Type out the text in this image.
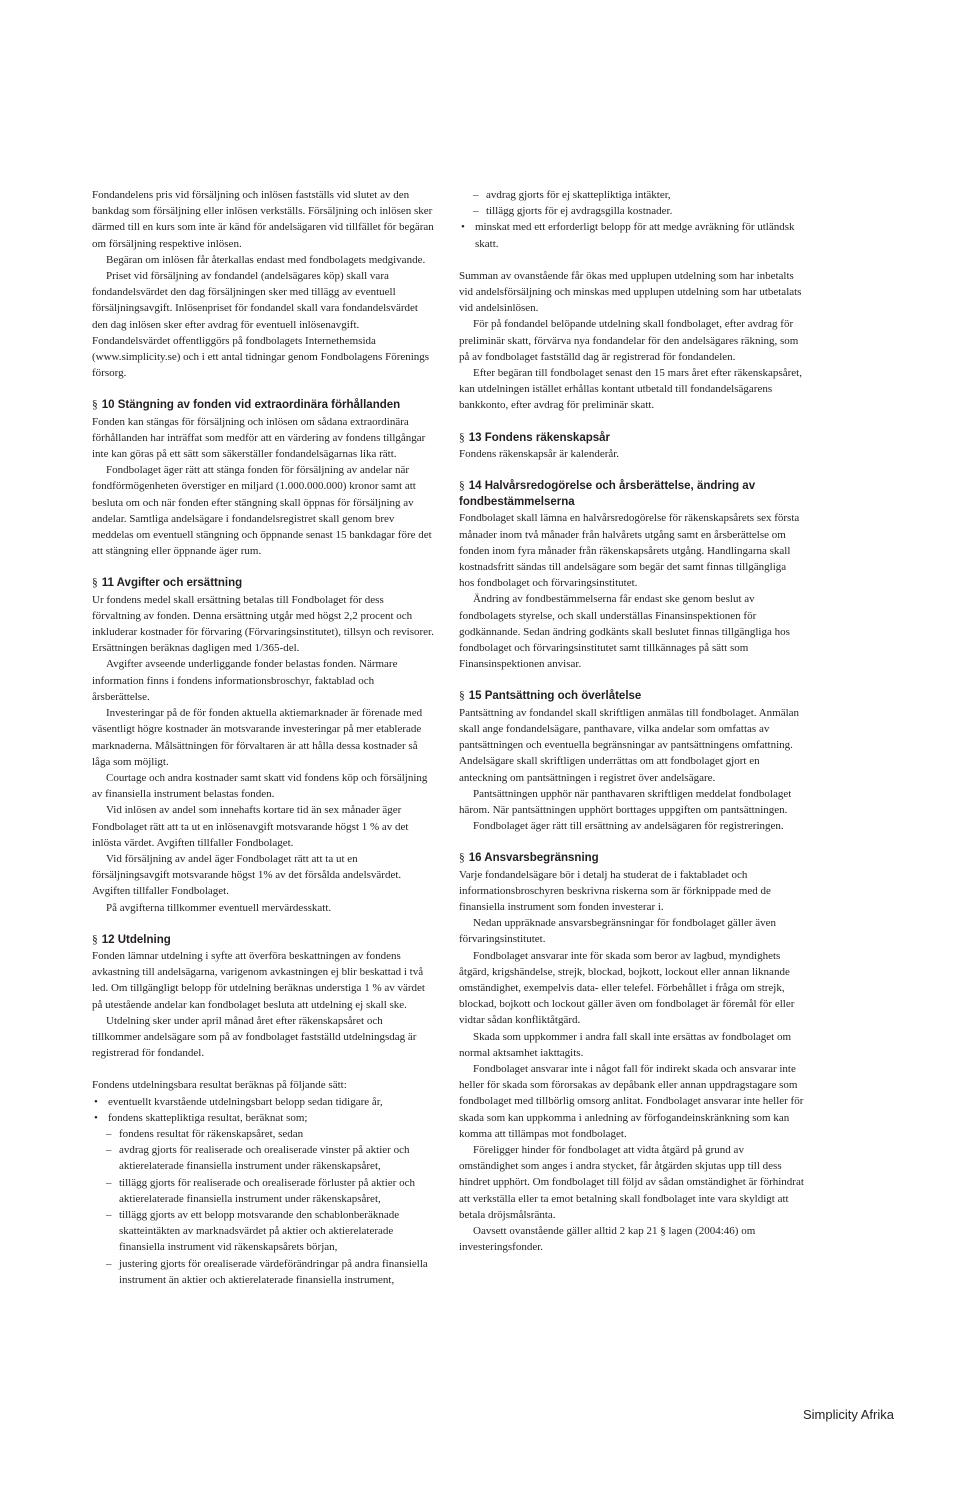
Fondandelens pris vid försäljning och inlösen fastställs vid slutet av den bankdag som försäljning eller inlösen verkställs. Försäljning och inlösen sker därmed till en kurs som inte är känd för andelsägaren vid tillfället för begäran om försäljning respektive inlösen.

Begäran om inlösen får återkallas endast med fondbolagets medgivande.

Priset vid försäljning av fondandel (andelsägares köp) skall vara fondandelsvärdet den dag försäljningen sker med tillägg av eventuell försäljningsavgift. Inlösenpriset för fondandel skall vara fondandelsvärdet den dag inlösen sker efter avdrag för eventuell inlösenavgift. Fondandelsvärdet offentliggörs på fondbolagets Internethemsida (www.simplicity.se) och i ett antal tidningar genom Fondbolagens Förenings försorg.

§ 10 Stängning av fonden vid extraordinära förhållanden

Fonden kan stängas för försäljning och inlösen om sådana extraordinära förhållanden har inträffat som medför att en värdering av fondens tillgångar inte kan göras på ett sätt som säkerställer fondandelsägarnas lika rätt.

Fondbolaget äger rätt att stänga fonden för försäljning av andelar när fondförmögenheten överstiger en miljard (1.000.000.000) kronor samt att besluta om och när fonden efter stängning skall öppnas för försäljning av andelar. Samtliga andelsägare i fondandelsregistret skall genom brev meddelas om eventuell stängning och öppnande senast 15 bankdagar före det att stängning eller öppnande äger rum.

§ 11 Avgifter och ersättning

Ur fondens medel skall ersättning betalas till Fondbolaget för dess förvaltning av fonden. Denna ersättning utgår med högst 2,2 procent och inkluderar kostnader för förvaring (Förvaringsinstitutet), tillsyn och revisorer. Ersättningen beräknas dagligen med 1/365-del.

Avgifter avseende underliggande fonder belastas fonden. Närmare information finns i fondens informationsbroschyr, faktablad och årsberättelse.

Investeringar på de för fonden aktuella aktiemarknader är förenade med väsentligt högre kostnader än motsvarande investeringar på mer etablerade marknaderna. Målsättningen för förvaltaren är att hålla dessa kostnader så låga som möjligt.

Courtage och andra kostnader samt skatt vid fondens köp och försäljning av finansiella instrument belastas fonden.

Vid inlösen av andel som innehafts kortare tid än sex månader äger Fondbolaget rätt att ta ut en inlösenavgift motsvarande högst 1 % av det inlösta värdet. Avgiften tillfaller Fondbolaget.

Vid försäljning av andel äger Fondbolaget rätt att ta ut en försäljningsavgift motsvarande högst 1% av det försålda andelsvärdet. Avgiften tillfaller Fondbolaget.

På avgifterna tillkommer eventuell mervärdesskatt.

§ 12 Utdelning

Fonden lämnar utdelning i syfte att överföra beskattningen av fondens avkastning till andelsägarna, varigenom avkastningen ej blir beskattad i två led. Om tillgängligt belopp för utdelning beräknas understiga 1 % av värdet på utestående andelar kan fondbolaget besluta att utdelning ej skall ske.

Utdelning sker under april månad året efter räkenskapsåret och tillkommer andelsägare som på av fondbolaget fastställd utdelningsdag är registrerad för fondandel.

Fondens utdelningsbara resultat beräknas på följande sätt:

• eventuellt kvarstående utdelningsbart belopp sedan tidigare år,
• fondens skattepliktiga resultat, beräknat som;
– fondens resultat för räkenskapsåret, sedan
– avdrag gjorts för realiserade och orealiserade vinster på aktier och aktierelaterade finansiella instrument under räkenskapsåret,
– tillägg gjorts för realiserade och orealiserade förluster på aktier och aktierelaterade finansiella instrument under räkenskapsåret,
– tillägg gjorts av ett belopp motsvarande den schablonberäknade skatteintäkten av marknadsvärdet på aktier och aktierelaterade finansiella instrument vid räkenskapsårets början,
– justering gjorts för orealiserade värdeförändringar på andra finansiella instrument än aktier och aktierelaterade finansiella instrument,
– avdrag gjorts för ej skattepliktiga intäkter,
– tillägg gjorts för ej avdragsgilla kostnader.
• minskat med ett erforderligt belopp för att medge avräkning för utländsk skatt.

Summan av ovanstående får ökas med upplupen utdelning som har inbetalts vid andelsförsäljning och minskas med upplupen utdelning som har utbetalats vid andelsinlösen.

För på fondandel belöpande utdelning skall fondbolaget, efter avdrag för preliminär skatt, förvärva nya fondandelar för den andelsägares räkning, som på av fondbolaget fastställd dag är registrerad för fondandelen.

Efter begäran till fondbolaget senast den 15 mars året efter räkenskapsåret, kan utdelningen istället erhållas kontant utbetald till fondandelsägarens bankkonto, efter avdrag för preliminär skatt.

§ 13 Fondens räkenskapsår

Fondens räkenskapsår är kalenderår.

§ 14 Halvårsredogörelse och årsberättelse, ändring av fondbestämmelserna

Fondbolaget skall lämna en halvårsredogörelse för räkenskapsårets sex första månader inom två månader från halvårets utgång samt en årsberättelse om fonden inom fyra månader från räkenskapsårets utgång. Handlingarna skall kostnadsfritt sändas till andelsägare som begär det samt finnas tillgängliga hos fondbolaget och förvaringsinstitutet.

Ändring av fondbestämmelserna får endast ske genom beslut av fondbolagets styrelse, och skall underställas Finansinspektionen för godkännande. Sedan ändring godkänts skall beslutet finnas tillgängliga hos fondbolaget och förvaringsinstitutet samt tillkännages på sätt som Finansinspektionen anvisar.

§ 15 Pantsättning och överlåtelse

Pantsättning av fondandel skall skriftligen anmälas till fondbolaget. Anmälan skall ange fondandelsägare, panthavare, vilka andelar som omfattas av pantsättningen och eventuella begränsningar av pantsättningens omfattning. Andelsägare skall skriftligen underrättas om att fondbolaget gjort en anteckning om pantsättningen i registret över andelsägare.

Pantsättningen upphör när panthavaren skriftligen meddelat fondbolaget härom. När pantsättningen upphört borttages uppgiften om pantsättningen.

Fondbolaget äger rätt till ersättning av andelsägaren för registreringen.

§ 16 Ansvarsbegränsning

Varje fondandelsägare bör i detalj ha studerat de i faktabladet och informationsbroschyren beskrivna riskerna som är förknippade med de finansiella instrument som fonden investerar i.

Nedan uppräknade ansvarsbegränsningar för fondbolaget gäller även förvaringsinstitutet.

Fondbolaget ansvarar inte för skada som beror av lagbud, myndighets åtgärd, krigshändelse, strejk, blockad, bojkott, lockout eller annan liknande omständighet, exempelvis data- eller telefel. Förbehållet i fråga om strejk, blockad, bojkott och lockout gäller även om fondbolaget är föremål för eller vidtar sådan konfliktåtgärd.

Skada som uppkommer i andra fall skall inte ersättas av fondbolaget om normal aktsamhet iakttagits.

Fondbolaget ansvarar inte i något fall för indirekt skada och ansvarar inte heller för skada som förorsakas av depåbank eller annan uppdragstagare som fondbolaget med tillbörlig omsorg anlitat. Fondbolaget ansvarar inte heller för skada som kan uppkomma i anledning av förfogandeinskränkning som kan komma att tillämpas mot fondbolaget.

Föreligger hinder för fondbolaget att vidta åtgärd på grund av omständighet som anges i andra stycket, får åtgärden skjutas upp till dess hindret upphört. Om fondbolaget till följd av sådan omständighet är förhindrat att verkställa eller ta emot betalning skall fondbolaget inte vara skyldigt att betala dröjsmålsränta.

Oavsett ovanstående gäller alltid 2 kap 21 § lagen (2004:46) om investeringsfonder.

Simplicity Afrika
